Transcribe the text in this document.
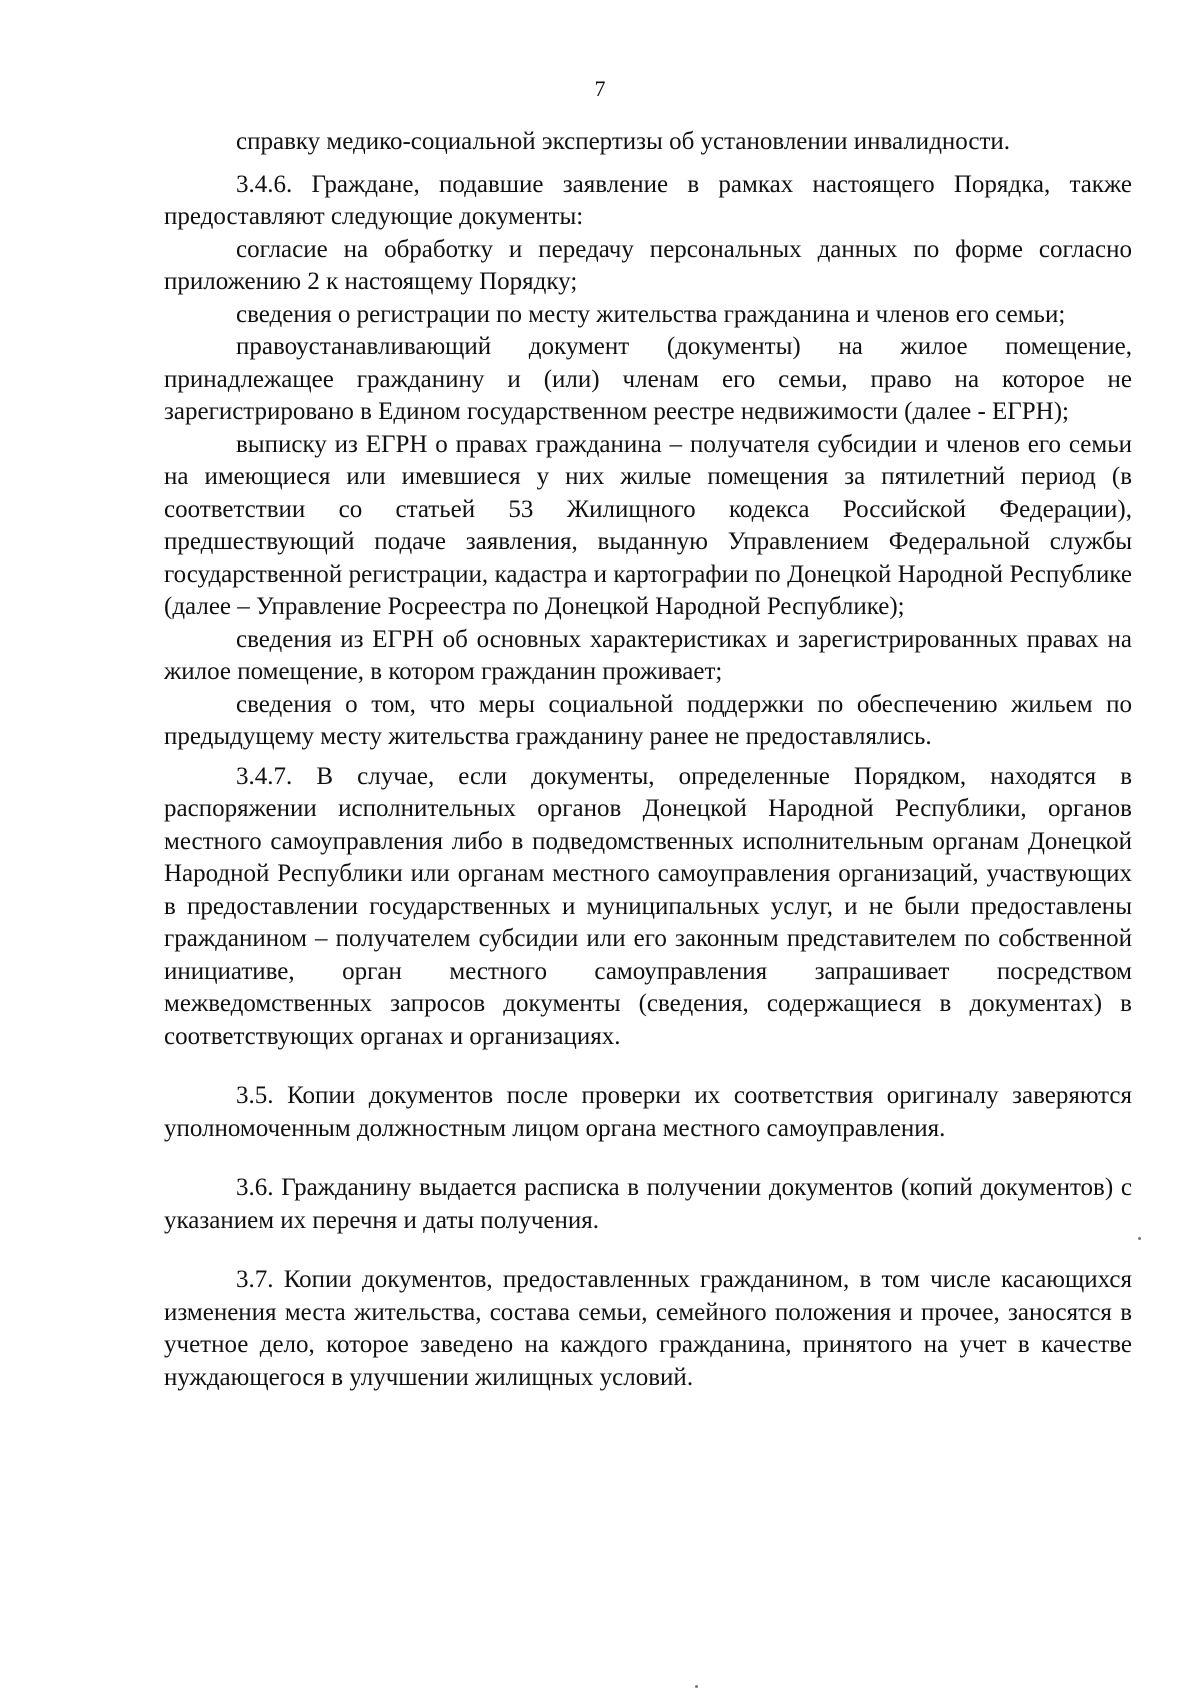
7

справку медико-социальной экспертизы об установлении инвалидности.

3.4.6. Граждане, подавшие заявление в рамках настоящего Порядка, также предоставляют следующие документы:

согласие на обработку и передачу персональных данных по форме согласно приложению 2 к настоящему Порядку;

сведения о регистрации по месту жительства гражданина и членов его семьи;

правоустанавливающий документ (документы) на жилое помещение, принадлежащее гражданину и (или) членам его семьи, право на которое не зарегистрировано в Едином государственном реестре недвижимости (далее - ЕГРН);

выписку из ЕГРН о правах гражданина – получателя субсидии и членов его семьи на имеющиеся или имевшиеся у них жилые помещения за пятилетний период (в соответствии со статьей 53 Жилищного кодекса Российской Федерации), предшествующий подаче заявления, выданную Управлением Федеральной службы государственной регистрации, кадастра и картографии по Донецкой Народной Республике (далее – Управление Росреестра по Донецкой Народной Республике);

сведения из ЕГРН об основных характеристиках и зарегистрированных правах на жилое помещение, в котором гражданин проживает;

сведения о том, что меры социальной поддержки по обеспечению жильем по предыдущему месту жительства гражданину ранее не предоставлялись.

3.4.7. В случае, если документы, определенные Порядком, находятся в распоряжении исполнительных органов Донецкой Народной Республики, органов местного самоуправления либо в подведомственных исполнительным органам Донецкой Народной Республики или органам местного самоуправления организаций, участвующих в предоставлении государственных и муниципальных услуг, и не были предоставлены гражданином – получателем субсидии или его законным представителем по собственной инициативе, орган местного самоуправления запрашивает посредством межведомственных запросов документы (сведения, содержащиеся в документах) в соответствующих органах и организациях.

3.5. Копии документов после проверки их соответствия оригиналу заверяются уполномоченным должностным лицом органа местного самоуправления.

3.6. Гражданину выдается расписка в получении документов (копий документов) с указанием их перечня и даты получения.

3.7. Копии документов, предоставленных гражданином, в том числе касающихся изменения места жительства, состава семьи, семейного положения и прочее, заносятся в учетное дело, которое заведено на каждого гражданина, принятого на учет в качестве нуждающегося в улучшении жилищных условий.
